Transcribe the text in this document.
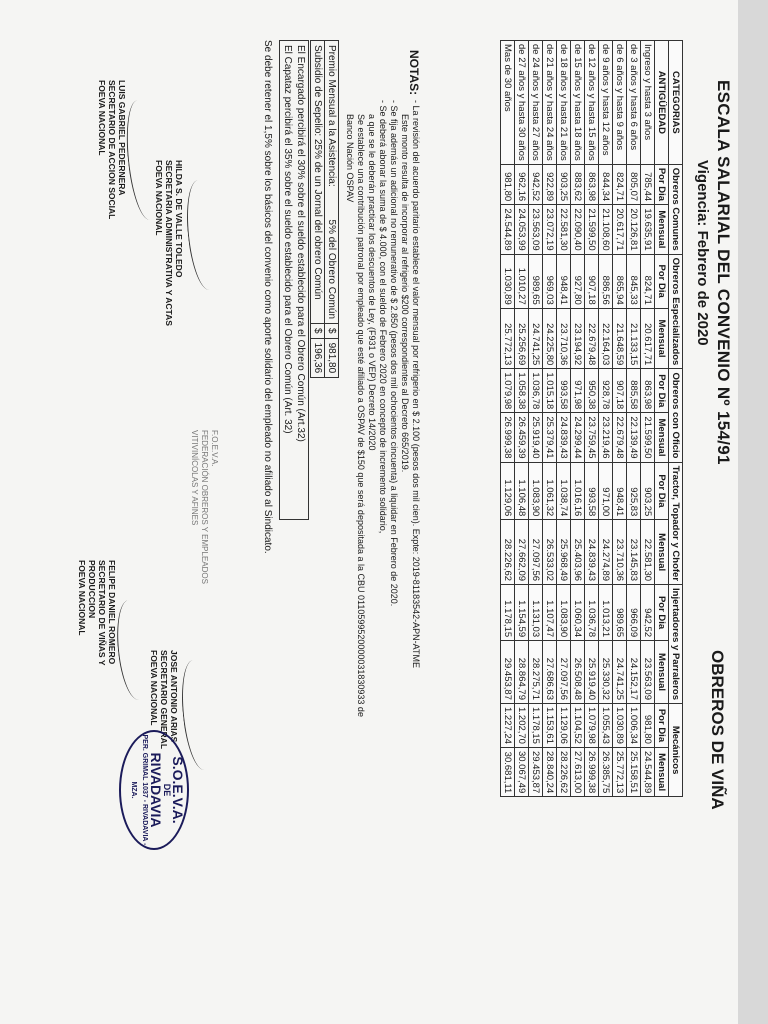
ESCALA SALARIAL DEL CONVENIO Nº 154/91
Vigencia: Febrero de 2020
OBREROS DE VIÑA
CATEGORIAS	Obreros Comunes		Obreros Especializados		Obreros con Oficio		Tractor, Topador y Chofer		Injertadores y Parraleros		Mecánicos	
ANTIGÜEDAD	Por Dia	Mensual	Por Dia	Mensual	Por Dia	Mensual	Por Dia	Mensual	Por Dia	Mensual	Por Dia	Mensual
Ingreso y hasta 3 años	785,44	19.635,91	824,71	20.617,71	863,98	21.599,50	903,25	22.581,30	942,52	23.563,09	981,80	24.544,89
de 3 años y hasta 6 años	805,07	20.126,81	845,33	21.133,15	885,58	22.139,49	925,83	23.145,83	966,09	24.152,17	1.006,34	25.158,51
de 6 años y hasta 9 años	824,71	20.617,71	865,94	21.648,59	907,18	22.679,48	948,41	23.710,36	989,65	24.741,25	1.030,89	25.772,13
de 9 años y hasta 12 años	844,34	21.108,60	886,56	22.164,03	928,78	23.219,46	971,00	24.274,89	1.013,21	25.330,32	1.055,43	26.385,75
de 12 años y hasta 15 años	863,98	21.599,50	907,18	22.679,48	950,38	23.759,45	993,58	24.839,43	1.036,78	25.919,40	1.079,98	26.999,38
de 15 años y hasta 18 años	883,62	22.090,40	927,80	23.194,92	971,98	24.299,44	1.016,16	25.403,96	1.060,34	26.508,48	1.104,52	27.613,00
de 18 años y hasta 21 años	903,25	22.581,30	948,41	23.710,36	993,58	24.839,43	1.038,74	25.968,49	1.083,90	27.097,56	1.129,06	28.226,62
de 21 años y hasta 24 años	922,89	23.072,19	969,03	24.225,80	1.015,18	25.379,41	1.061,32	26.533,02	1.107,47	27.686,63	1.153,61	28.840,24
de 24 años y hasta 27 años	942,52	23.563,09	989,65	24.741,25	1.036,78	25.919,40	1.083,90	27.097,56	1.131,03	28.275,71	1.178,15	29.453,87
de 27 años y hasta 30 años	962,16	24.053,99	1.010,27	25.256,69	1.058,38	26.459,39	1.106,48	27.662,09	1.154,59	28.864,79	1.202,70	30.067,49
Mas de 30 años	981,80	24.544,89	1.030,89	25.772,13	1.079,98	26.999,38	1.129,06	28.226,62	1.178,15	29.453,87	1.227,24	30.681,11
NOTAS:

- La revisión del acuerdo paritario establece el valor mensual por refrigerio en $ 2.100 (pesos dos mil cien). Expte: 2019-81183542-APN-ATME

Este monto resulta de incorporar al refrigerio $200 correspondientes al Decreto 665/2019.

- Se fija además un adicional no remunerativo de $ 2.850 (pesos dos mil ochocientos cincuenta) a liquidar en Febrero de 2020.

- Se deberá abonar la suma de $ 4.000, con el sueldo de Febrero 2020 en concepto de incremento solidario,

a que se le deberán practicar los descuentos de Ley, (F931 o VEP) Decreto 14/2020

Se establece una contribución patronal por empleado que esté afiliado a OSPAV de $150 que será depositada a la CBU 0110599520000031830933 de Banco Nación OSPAV

Premio Mensual a la Asistencia: 5% del Obrero Común	$	981,80
Subsidio de Sepelio: 25% de un Jornal del obrero Común	$	196,36
El Encargado percibirá el 30% sobre el sueldo establecido para el Obrero Común (Art.32)
El Capataz percibirá el 35% sobre el sueldo establecido para el Obrero Común (Art. 32)
Se debe retener el 1,5% sobre los básicos del convenio como aporte solidario del empleado no afiliado al Sindicato.
HILDA S. DE VALLE TOLEDO
SECRETARIA ADMINISTRATIVA Y ACTAS
FOEVA NACIONAL
LUIS GABRIEL PEDERNERA
SECRETARIO DE ACCION SOCIAL
FOEVA NACIONAL
F.O.E.V.A.
FEDERACIÓN OBREROS Y EMPLEADOS
VITIVINÍCOLAS Y AFINES
FELIPE DANIEL ROMERO
SECRETARIO DE VIÑAS Y
PRODUCCION
FOEVA NACIONAL
JOSE ANTONIO ARIAS
SECRETARIO GENERAL
FOEVA NACIONAL
S.O.E.V.A.
DE
RIVADAVIA
PER. GRIMAL 1037 - RIVADAVIA -MZA.
